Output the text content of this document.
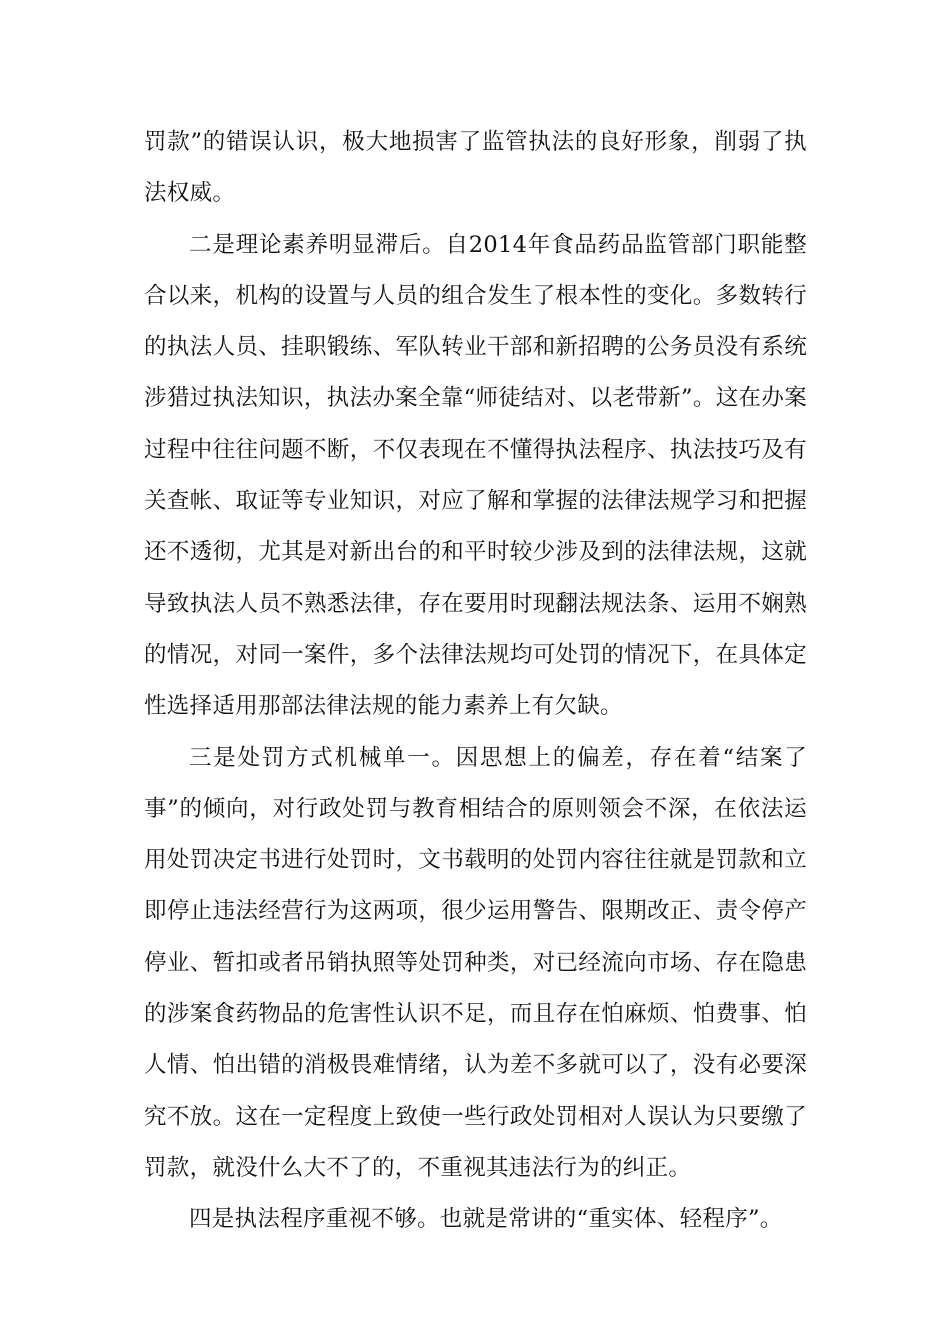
罚款”的错误认识，极大地损害了监管执法的良好形象，削弱了执法权威。

二是理论素养明显滞后。自2014年食品药品监管部门职能整合以来，机构的设置与人员的组合发生了根本性的变化。多数转行的执法人员、挂职锻练、军队转业干部和新招聘的公务员没有系统涉猎过执法知识，执法办案全靠“师徒结对、以老带新”。这在办案过程中往往问题不断，不仅表现在不懂得执法程序、执法技巧及有关查帐、取证等专业知识，对应了解和掌握的法律法规学习和把握还不透彻，尤其是对新出台的和平时较少涉及到的法律法规，这就导致执法人员不熟悉法律，存在要用时现翻法规法条、运用不娴熟的情况，对同一案件，多个法律法规均可处罚的情况下，在具体定性选择适用那部法律法规的能力素养上有欠缺。

三是处罚方式机械单一。因思想上的偏差，存在着“结案了事”的倾向，对行政处罚与教育相结合的原则领会不深，在依法运用处罚决定书进行处罚时，文书载明的处罚内容往往就是罚款和立即停止违法经营行为这两项，很少运用警告、限期改正、责令停产停业、暂扣或者吊销执照等处罚种类，对已经流向市场、存在隐患的涉案食药物品的危害性认识不足，而且存在怕麻烦、怕费事、怕人情、怕出错的消极畏难情绪，认为差不多就可以了，没有必要深究不放。这在一定程度上致使一些行政处罚相对人误认为只要缴了罚款，就没什么大不了的，不重视其违法行为的纠正。

四是执法程序重视不够。也就是常讲的“重实体、轻程序”。
